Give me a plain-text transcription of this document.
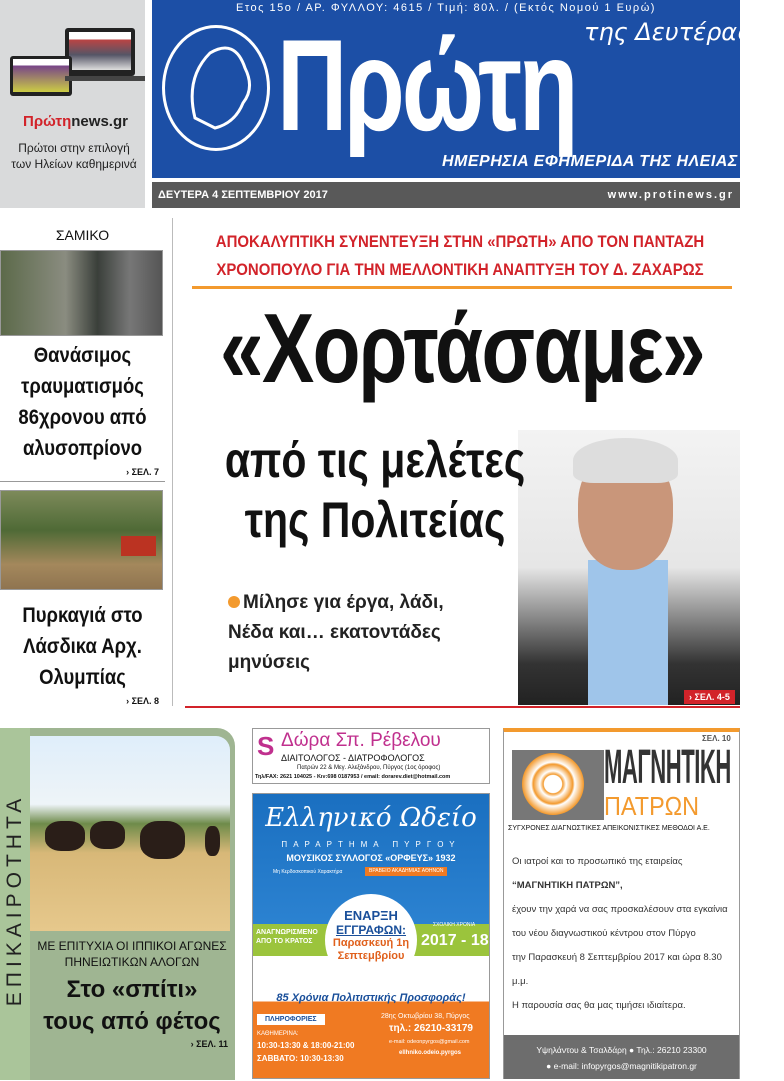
Πρώτηnews.gr
Πρώτοι στην επιλογή
των Ηλείων καθημερινά
Ετος 15ο / ΑΡ. ΦΥΛΛΟΥ: 4615 / Τιμή: 80λ. / (Εκτός Νομού 1 Ευρώ)
Πρώτη της Δευτέρας
ΗΜΕΡΗΣΙΑ ΕΦΗΜΕΡΙΔΑ ΤΗΣ ΗΛΕΙΑΣ
ΔΕΥΤΕΡΑ 4 ΣΕΠΤΕΜΒΡΙΟΥ 2017	www.protinews.gr
ΣΑΜΙΚΟ
Θανάσιμος τραυματισμός 86χρονου από αλυσοπρίονο
› ΣΕΛ. 7
Πυρκαγιά στο Λάσδικα Αρχ. Ολυμπίας
› ΣΕΛ. 8
ΑΠΟΚΑΛΥΠΤΙΚΗ ΣΥΝΕΝΤΕΥΞΗ ΣΤΗΝ «ΠΡΩΤΗ» ΑΠΟ ΤΟΝ ΠΑΝΤΑΖΗ
ΧΡΟΝΟΠΟΥΛΟ ΓΙΑ ΤΗΝ ΜΕΛΛΟΝΤΙΚΗ ΑΝΑΠΤΥΞΗ ΤΟΥ Δ. ΖΑΧΑΡΩΣ
«Χορτάσαμε»
από τις μελέτες
της Πολιτείας
Μίλησε για έργα, λάδι, Νέδα και… εκατοντάδες μηνύσεις
› ΣΕΛ. 4-5
ΕΠΙΚΑΙΡΟΤΗΤΑ ΜΕ ΕΠΙΤΥΧΙΑ ΟΙ ΙΠΠΙΚΟΙ ΑΓΩΝΕΣ ΠΗΝΕΙΩΤΙΚΩΝ ΑΛΟΓΩΝ
Στο «σπίτι»
τους από φέτος
› ΣΕΛ. 11
S Δώρα Σπ. Ρέβελου
ΔΙΑΙΤΟΛΟΓΟΣ - ΔΙΑΤΡΟΦΟΛΟΓΟΣ
Πατρών 22 & Μεγ. Αλεξάνδρου, Πύργος (1ος όροφος)
Τηλ/FAX: 2621 104025 - Κιν:698 0187953 / email: dorarev.diet@hotmail.com
Ελληνικό Ωδείο
ΠΑΡΑΡΤΗΜΑ ΠΥΡΓΟΥ
ΜΟΥΣΙΚΟΣ ΣΥΛΛΟΓΟΣ «ΟΡΦΕΥΣ» 1932
Μη Κερδοσκοπικού Χαρακτήρα	ΒΡΑΒΕΙΟ ΑΚΑΔΗΜΙΑΣ ΑΘΗΝΩΝ
ΑΝΑΓΝΩΡΙΣΜΕΝΟ ΑΠΟ ΤΟ ΚΡΑΤΟΣ
ΣΧΟΛΙΚΗ ΧΡΟΝΙΑ
2017 - 18
ΕΝΑΡΞΗ
ΕΓΓΡΑΦΩΝ:
Παρασκευή 1η
Σεπτεμβρίου
85 Χρόνια Πολιτιστικής Προσφοράς!
ΠΛΗΡΟΦΟΡΙΕΣ	28ης Οκτωβρίου 38, Πύργος
τηλ.: 26210-33179
e-mail: odeonpyrgos@gmail.com
ellhniko.odeio.pyrgos
ΚΑΘΗΜΕΡΙΝΑ:
10:30-13:30 & 18:00-21:00
ΣΑΒΒΑΤΟ: 10:30-13:30
ΣΕΛ. 10
ΜΑΓΝΗΤΙΚΗ
ΠΑΤΡΩΝ
ΣΥΓΧΡΟΝΕΣ ΔΙΑΓΝΩΣΤΙΚΕΣ ΑΠΕΙΚΟΝΙΣΤΙΚΕΣ ΜΕΘΟΔΟΙ Α.Ε.
Οι ιατροί και το προσωπικό της εταιρείας
“ΜΑΓΝΗΤΙΚΗ ΠΑΤΡΩΝ”,
έχουν την χαρά να σας προσκαλέσουν στα εγκαίνια
του νέου διαγνωστικού κέντρου στον Πύργο
την Παρασκευή 8 Σεπτεμβρίου 2017 και ώρα 8.30 μ.μ.
Η παρουσία σας θα μας τιμήσει ιδιαίτερα.
Υψηλάντου & Τσαλδάρη ● Τηλ.: 26210 23300
● e-mail: infopyrgos@magnitikipatron.gr
